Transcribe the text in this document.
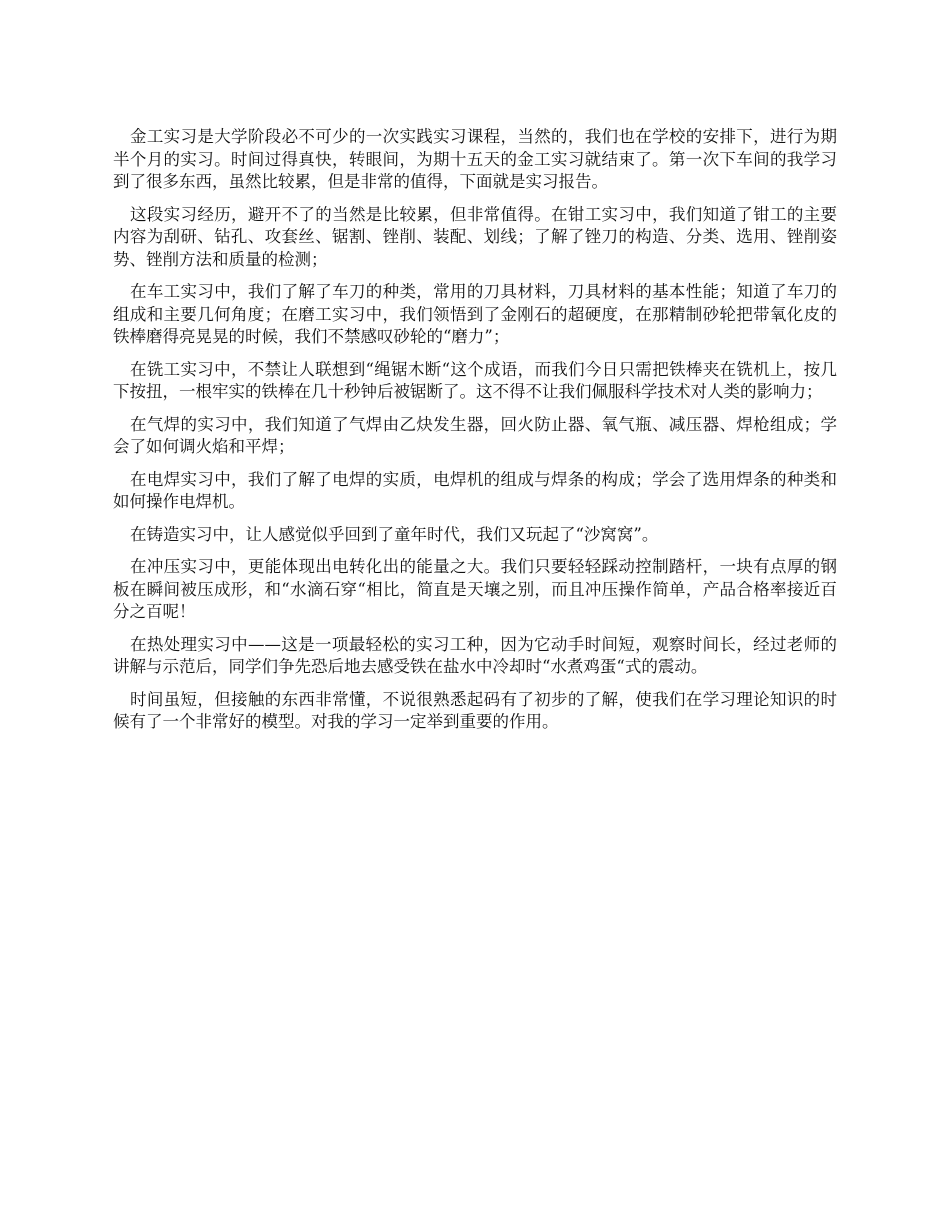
金工实习是大学阶段必不可少的一次实践实习课程，当然的，我们也在学校的安排下，进行为期半个月的实习。时间过得真快，转眼间，为期十五天的金工实习就结束了。第一次下车间的我学习到了很多东西，虽然比较累，但是非常的值得，下面就是实习报告。

这段实习经历，避开不了的当然是比较累，但非常值得。在钳工实习中，我们知道了钳工的主要内容为刮研、钻孔、攻套丝、锯割、锉削、装配、划线；了解了锉刀的构造、分类、选用、锉削姿势、锉削方法和质量的检测；

在车工实习中，我们了解了车刀的种类，常用的刀具材料，刀具材料的基本性能；知道了车刀的组成和主要几何角度；在磨工实习中，我们领悟到了金刚石的超硬度，在那精制砂轮把带氧化皮的铁棒磨得亮晃晃的时候，我们不禁感叹砂轮的“磨力”；

在铣工实习中，不禁让人联想到“绳锯木断“这个成语，而我们今日只需把铁棒夹在铣机上，按几下按扭，一根牢实的铁棒在几十秒钟后被锯断了。这不得不让我们佩服科学技术对人类的影响力；

在气焊的实习中，我们知道了气焊由乙炔发生器，回火防止器、氧气瓶、减压器、焊枪组成；学会了如何调火焰和平焊；

在电焊实习中，我们了解了电焊的实质，电焊机的组成与焊条的构成；学会了选用焊条的种类和如何操作电焊机。

在铸造实习中，让人感觉似乎回到了童年时代，我们又玩起了“沙窝窝”。

在冲压实习中，更能体现出电转化出的能量之大。我们只要轻轻踩动控制踏杆，一块有点厚的钢板在瞬间被压成形，和“水滴石穿“相比，简直是天壤之别，而且冲压操作简单，产品合格率接近百分之百呢！

在热处理实习中——这是一项最轻松的实习工种，因为它动手时间短，观察时间长，经过老师的讲解与示范后，同学们争先恐后地去感受铁在盐水中冷却时“水煮鸡蛋“式的震动。

时间虽短，但接触的东西非常懂，不说很熟悉起码有了初步的了解，使我们在学习理论知识的时候有了一个非常好的模型。对我的学习一定举到重要的作用。
